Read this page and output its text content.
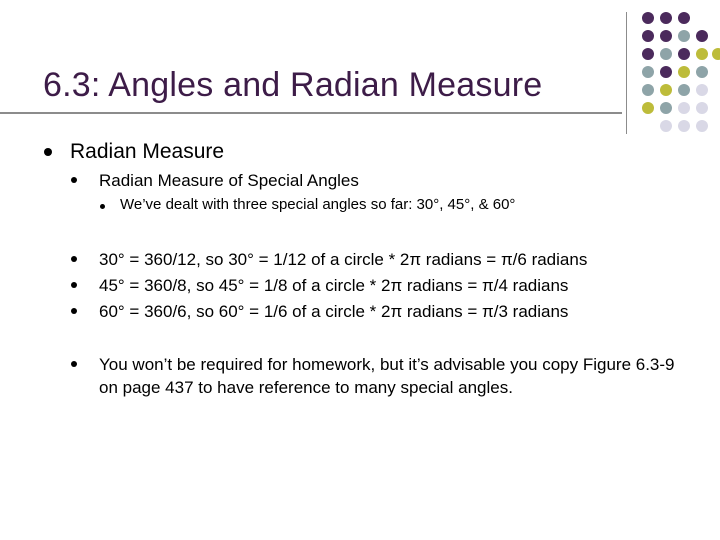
6.3: Angles and Radian Measure
Radian Measure
Radian Measure of Special Angles
We’ve dealt with three special angles so far: 30°, 45°, & 60°
30° = 360/12, so 30° = 1/12 of a circle * 2π radians = π/6 radians
45° = 360/8, so 45° = 1/8 of a circle * 2π radians = π/4 radians
60° = 360/6, so 60° = 1/6 of a circle * 2π radians = π/3 radians
You won’t be required for homework, but it’s advisable you copy Figure 6.3-9 on page 437 to have reference to many special angles.
